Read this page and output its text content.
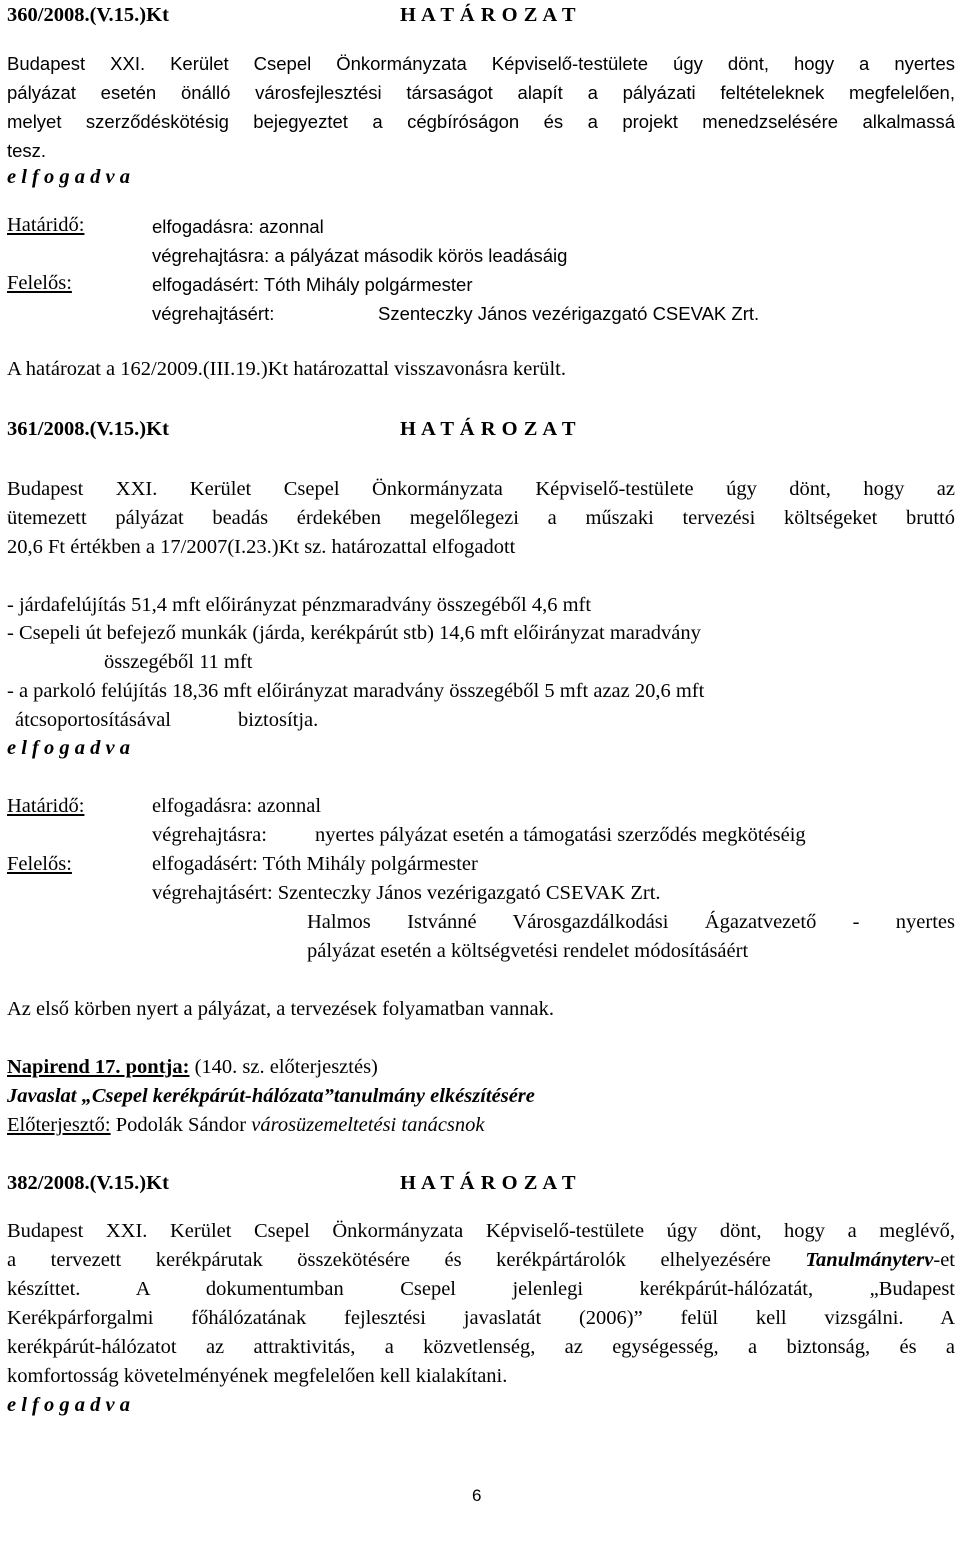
360/2008.(V.15.)Kt	H A T Á R O Z A T
Budapest XXI. Kerület Csepel Önkormányzata Képviselő-testülete úgy dönt, hogy a nyertes
pályázat esetén önálló városfejlesztési társaságot alapít a pályázati feltételeknek megfelelően,
melyet szerződéskötésig bejegyeztet a cégbíróságon és a projekt menedzselésére alkalmassá
tesz.
e l f o g a d v a
Határidő:	elfogadásra: azonnal
végrehajtásra: a pályázat második körös leadásáig
Felelős:	elfogadásért: Tóth Mihály polgármester
végrehajtásért:	Szenteczky János vezérigazgató CSEVAK Zrt.
A határozat a 162/2009.(III.19.)Kt határozattal visszavonásra került.
361/2008.(V.15.)Kt	H A T Á R O Z A T
Budapest XXI. Kerület Csepel Önkormányzata Képviselő-testülete úgy dönt, hogy az
ütemezett pályázat beadás érdekében megelőlegezi a műszaki tervezési költségeket bruttó
20,6 Ft értékben a 17/2007(I.23.)Kt sz. határozattal elfogadott
- járdafelújítás 51,4 mft előirányzat pénzmaradvány összegéből 4,6 mft
- Csepeli út befejező munkák (járda, kerékpárút stb) 14,6 mft előirányzat maradvány
összegéből 11 mft
- a parkoló felújítás 18,36 mft előirányzat maradvány összegéből 5 mft azaz 20,6 mft
átcsoportosításával	biztosítja.
e l f o g a d v a
Határidő:	elfogadásra: azonnal
végrehajtásra: nyertes pályázat esetén a támogatási szerződés megkötéséig
Felelős:	elfogadásért: Tóth Mihály polgármester
végrehajtásért: Szenteczky János vezérigazgató CSEVAK Zrt.
Halmos Istvánné Városgazdálkodási Ágazatvezető - nyertes
pályázat esetén a költségvetési rendelet módosításáért
Az első körben nyert a pályázat, a tervezések folyamatban vannak.
Napirend 17. pontja: (140. sz. előterjesztés)
Javaslat „Csepel kerékpárút-hálózata”tanulmány elkészítésére
Előterjesztő: Podolák Sándor városüzemeltetési tanácsnok
382/2008.(V.15.)Kt	H A T Á R O Z A T
Budapest XXI. Kerület Csepel Önkormányzata Képviselő-testülete úgy dönt, hogy a meglévő,
a tervezett kerékpárutak összekötésére és kerékpártárolók elhelyezésére Tanulmányterv-et
készíttet. A dokumentumban Csepel jelenlegi kerékpárút-hálózatát, „Budapest
Kerékpárforgalmi főhálózatának fejlesztési javaslatát (2006)” felül kell vizsgálni. A
kerékpárút-hálózatot az attraktivitás, a közvetlenség, az egységesség, a biztonság, és a
komfortosság követelményének megfelelően kell kialakítani.
e l f o g a d v a
6
